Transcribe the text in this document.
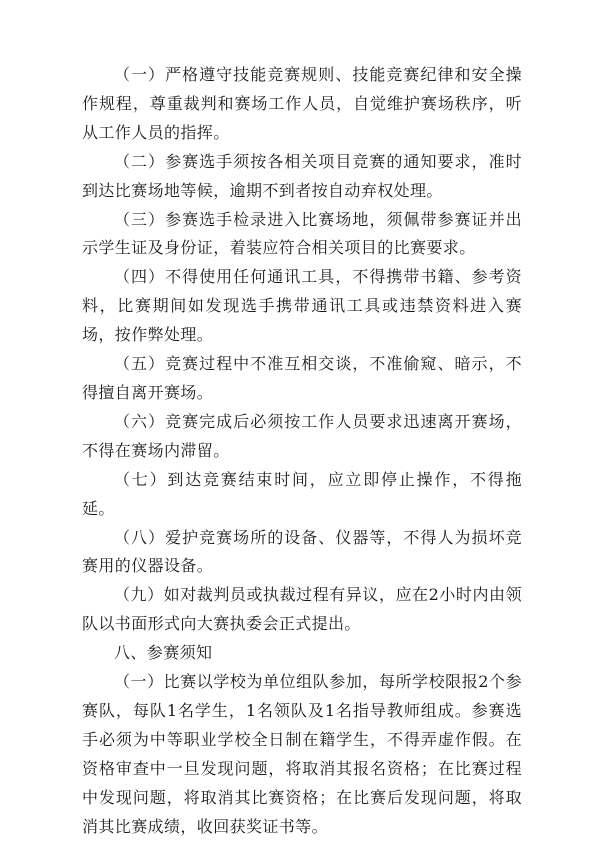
（一）严格遵守技能竞赛规则、技能竞赛纪律和安全操作规程，尊重裁判和赛场工作人员，自觉维护赛场秩序，听从工作人员的指挥。

（二）参赛选手须按各相关项目竞赛的通知要求，准时到达比赛场地等候，逾期不到者按自动弃权处理。

（三）参赛选手检录进入比赛场地，须佩带参赛证并出示学生证及身份证，着装应符合相关项目的比赛要求。

（四）不得使用任何通讯工具，不得携带书籍、参考资料，比赛期间如发现选手携带通讯工具或违禁资料进入赛场，按作弊处理。

（五）竞赛过程中不准互相交谈，不准偷窥、暗示，不得擅自离开赛场。

（六）竞赛完成后必须按工作人员要求迅速离开赛场，不得在赛场内滞留。

（七）到达竞赛结束时间，应立即停止操作，不得拖延。

（八）爱护竞赛场所的设备、仪器等，不得人为损坏竞赛用的仪器设备。

（九）如对裁判员或执裁过程有异议，应在2小时内由领队以书面形式向大赛执委会正式提出。

八、参赛须知

（一）比赛以学校为单位组队参加，每所学校限报2个参赛队，每队1名学生，1名领队及1名指导教师组成。参赛选手必须为中等职业学校全日制在籍学生，不得弄虚作假。在资格审查中一旦发现问题，将取消其报名资格；在比赛过程中发现问题，将取消其比赛资格；在比赛后发现问题，将取消其比赛成绩，收回获奖证书等。
